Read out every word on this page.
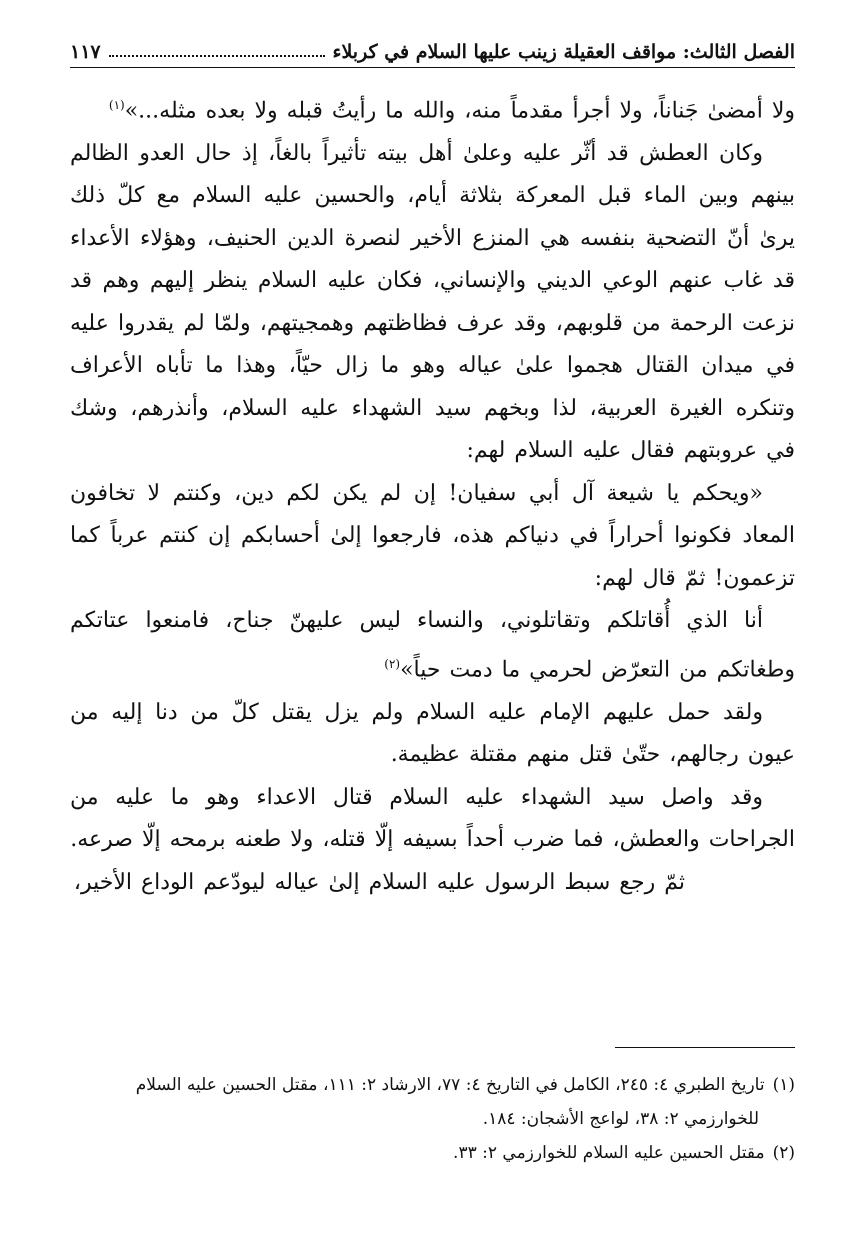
الفصل الثالث: مواقف العقيلة زينب عليها السلام في كربلاء
١١٧

ولا أمضىٰ جَناناً، ولا أجرأ مقدماً منه، والله ما رأيتُ قبله ولا بعده مثله...»$^{(١)}$

وكان العطش قد أثّر عليه وعلىٰ أهل بيته تأثيراً بالغاً، إذ حال العدو الظالم بينهم وبين الماء قبل المعركة بثلاثة أيام، والحسين عليه السلام مع كلّ ذلك يرىٰ أنّ التضحية بنفسه هي المنزع الأخير لنصرة الدين الحنيف، وهؤلاء الأعداء قد غاب عنهم الوعي الديني والإنساني، فكان عليه السلام ينظر إليهم وهم قد نزعت الرحمة من قلوبهم، وقد عرف فظاظتهم وهمجيتهم، ولمّا لم يقدروا عليه في ميدان القتال هجموا علىٰ عياله وهو ما زال حيّاً، وهذا ما تأباه الأعراف وتنكره الغيرة العربية، لذا وبخهم سيد الشهداء عليه السلام، وأنذرهم، وشك في عروبتهم فقال عليه السلام لهم:

«ويحكم يا شيعة آل أبي سفيان! إن لم يكن لكم دين، وكنتم لا تخافون المعاد فكونوا أحراراً في دنياكم هذه، فارجعوا إلىٰ أحسابكم إن كنتم عرباً كما تزعمون! ثمّ قال لهم:

أنا الذي أُقاتلكم وتقاتلوني، والنساء ليس عليهنّ جناح، فامنعوا عتاتكم وطغاتكم من التعرّض لحرمي ما دمت حياً»$^{(٢)}$

ولقد حمل عليهم الإمام عليه السلام ولم يزل يقتل كلّ من دنا إليه من عيون رجالهم، حتّىٰ قتل منهم مقتلة عظيمة.

وقد واصل سيد الشهداء عليه السلام قتال الاعداء وهو ما عليه من الجراحات والعطش، فما ضرب أحداً بسيفه إلّا قتله، ولا طعنه برمحه إلّا صرعه.

ثمّ رجع سبط الرسول عليه السلام إلىٰ عياله ليودّعم الوداع الأخير،

(١)تاريخ الطبري ٤: ٢٤٥، الكامل في التاريخ ٤: ٧٧، الارشاد ٢: ١١١، مقتل الحسين عليه السلام

للخوارزمي ٢: ٣٨، لواعج الأشجان: ١٨٤.

(٢)مقتل الحسين عليه السلام للخوارزمي ٢: ٣٣.
